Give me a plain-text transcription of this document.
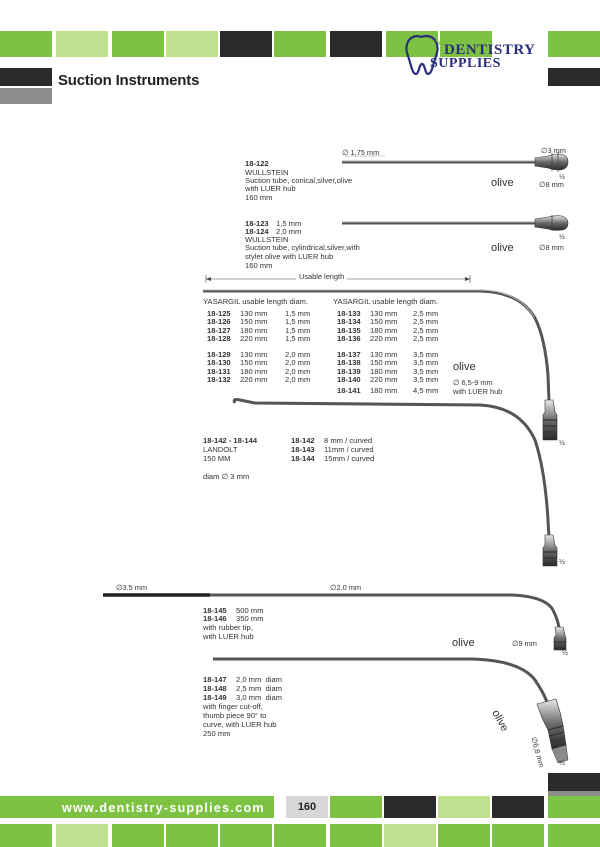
DENTISTRY
SUPPLIES
Suction Instruments
∅ 1,75 mm	∅3 mm
½
olive	∅8 mm
18-122
WULLSTEIN
Suction tube, conical,silver,olive
with LUER hub
160 mm
18-123 1,5 mm
18-124 2,0 mm
WULLSTEIN
Suction tube, cylindrical,silver,with
stylet olive with LUER hub
160 mm
½
olive	∅8 mm
Usable length
YASARGIL usable length diam.	YASARGIL usable length diam.
18-125 130 mm 1,5 mm
18-126 150 mm 1,5 mm
18-127 180 mm 1,5 mm
18-128 220 mm 1,5 mm
18-129 130 mm 2,0 mm
18-130 150 mm 2,0 mm
18-131 180 mm 2,0 mm
18-132 220 mm 2,0 mm
18-133 130 mm 2,5 mm
18-134 150 mm 2,5 mm
18-135 180 mm 2,5 mm
18-136 220 mm 2,5 mm
18-137 130 mm 3,5 mm
18-138 150 mm 3,5 mm
18-139 180 mm 3,5 mm
18-140 220 mm 3,5 mm
18-141 180 mm 4,5 mm
olive
∅ 6,5-9 mm
with LUER hub
½
18-142 - 18-144
LANDOLT
150 MM
diam ∅ 3 mm
18-142 8 mm / curved
18-143 11mm / curved
18-144 15mm / curved
½
∅3.5 mm	∅2.0 mm
18-145 500 mm
18-146 350 mm
with rubber tip,
with LUER hub
olive	∅9 mm
½
18-147 2,0 mm  diam
18-148 2,5 mm  diam
18-149 3,0 mm  diam
with finger cut-off,
thumb piece 90° to
curve, with LUER hub
250 mm	olive
∅6,8 mm ½
www.dentistry-supplies.com	160
